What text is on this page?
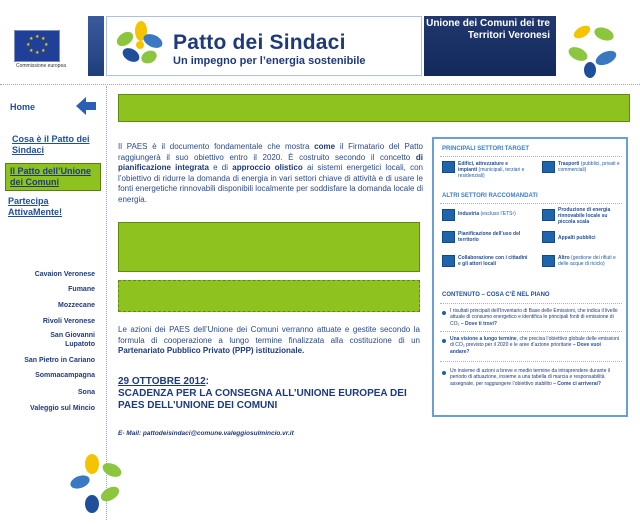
★ ★
★
★
★
★
★
★
Commissione europea
Patto dei Sindaci
Un impegno per l’energia sostenibile
Unione dei Comuni dei tre Territori Veronesi
Home
Cosa è il Patto dei Sindaci
Il Patto dell’Unione dei Comuni
Partecipa AttivaMente!
Cavaion Veronese
Fumane
Mozzecane
Rivoli Veronese
San Giovanni Lupatoto
San Pietro in Cariano
Sommacampagna
Sona
Valeggio sul Mincio
Il PAES è il documento fondamentale che mostra come il Firmatario del Patto raggiungerà il suo obiettivo entro il 2020. È costruito secondo il concetto di pianificazione integrata e di approccio olistico ai sistemi energetici locali, con l’obiettivo di ridurre la domanda di energia in vari settori chiave di attività e di usare le fonti energetiche rinnovabili disponibili localmente per soddisfare la domanda locale di energia.
Le azioni dei PAES dell’Unione dei Comuni verranno attuate e gestite secondo la formula di cooperazione a lungo termine finalizzata alla costituzione di un Partenariato Pubblico Privato (PPP) istituzionale.
29 OTTOBRE 2012:
SCADENZA PER LA CONSEGNA ALL’UNIONE EUROPEA DEI PAES DELL’UNIONE DEI COMUNI
E- Mail: pattodeisindaci@comune.valeggiosulmincio.vr.it
PRINCIPALI SETTORI TARGET
Edifici, attrezzature e impianti (municipali, terziari e residenziali)
Trasporti (pubblici, privati e commerciali)
ALTRI SETTORI RACCOMANDATI
Industria (escluso l’ETS¹)
Produzione di energia rinnovabile locale su piccola scala
Pianificazione dell’uso del territorio	Appalti pubblici
Collaborazione con i cittadini e gli attori locali
Altro (gestione dei rifiuti e delle acque di riciclo)
CONTENUTO – COSA C’È NEL PIANO
I risultati principali dell’Inventario di Base delle Emissioni, che indica il livello attuale di consumo energetico e identifica le principali fonti di emissione di CO₂ – Dove ti trovi?
Una visione a lungo termine, che precisa l’obiettivo globale delle emissioni di CO₂ previsto per il 2020 e le aree d’azione prioritarie – Dove vuoi andare?
Un insieme di azioni a breve e medio termine da intraprendere durante il periodo di attuazione, insieme a una tabella di marcia e responsabilità assegnate, per raggiungere l’obiettivo stabilito – Come ci arriverai?
